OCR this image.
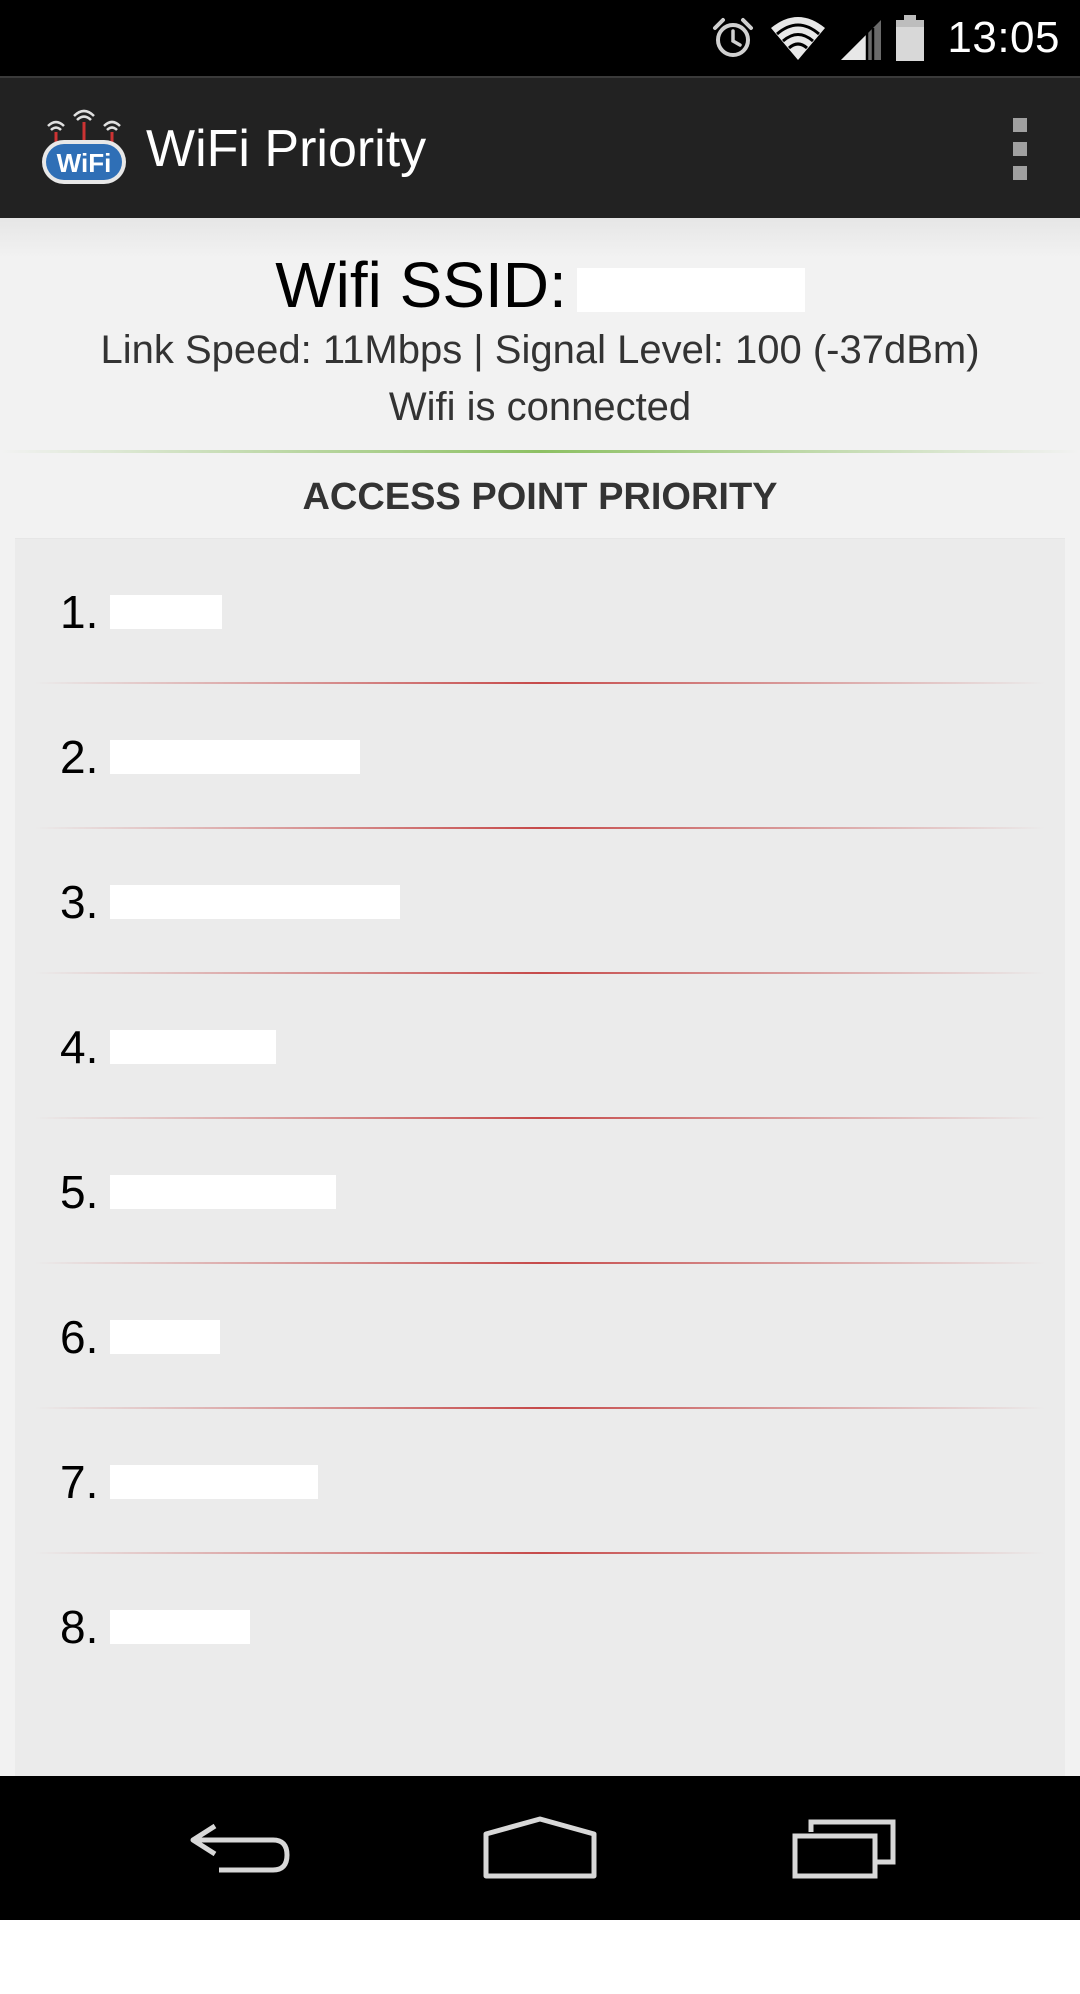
13:05
WiFi WiFi Priority
Wifi SSID:
Link Speed: 11Mbps | Signal Level: 100 (-37dBm)
Wifi is connected
ACCESS POINT PRIORITY
1.
2.
3.
4.
5.
6.
7.
8.
